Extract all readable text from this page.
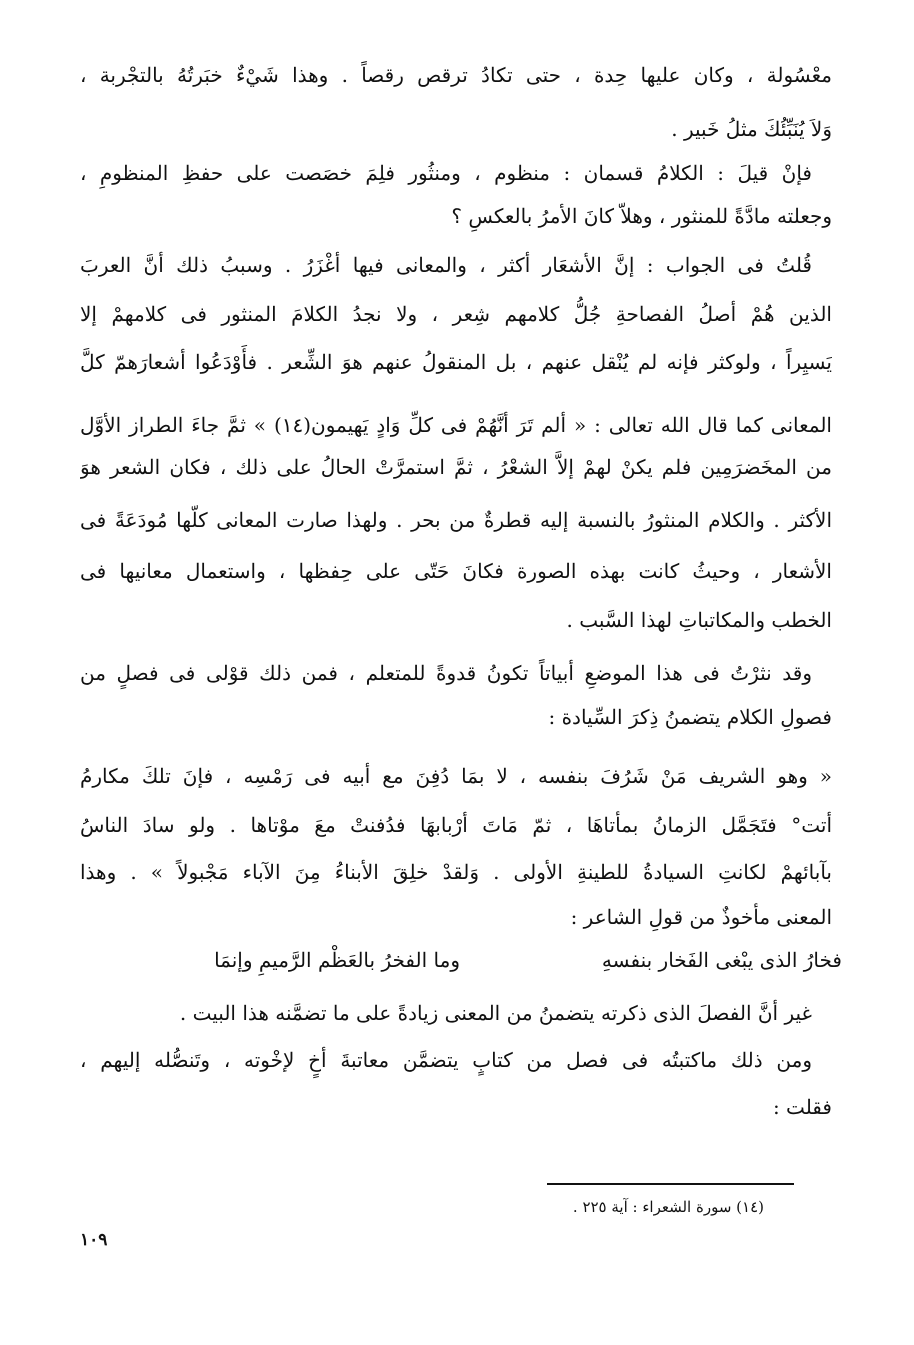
معْسُولة ، وكان عليها حِدة ، حتى تكادُ ترقص رقصاً . وهذا شَيْءٌ خبَرتُهُ بالتجْربة ،
وَلاَ يُنَبِّئُكَ مثلُ خَبير .
فإنْ قيلَ : الكلامُ قسمان : منظوم ، ومنثُور فلِمَ خصَصت على حفظِ المنظومِ ،
وجعلته مادَّةً للمنثور ، وهلاّ كانَ الأمرُ بالعكسِ ؟
قُلتُ فى الجواب : إنَّ الأشعَار أكثر ، والمعانى فيها أغْزَرُ . وسببُ ذلك أنَّ العربَ
الذين هُمْ أصلُ الفصاحةِ جُلُّ كلامهم شِعر ، ولا نجدُ الكلامَ المنثور فى كلامهمْ إلا
يَسيِراً ، ولوكثر فإنه لم يُنْقل عنهم ، بل المنقولُ عنهم هوَ الشِّعر . فأَوْدَعُوا أشعارَهمّ كلَّ
المعانى كما قال الله تعالى : « ألم تَرَ أنَّهُمْ فى كلِّ وَادٍ يَهيمون(١٤) » ثمَّ جاءَ الطراز الأوَّل
من المخَضرَمِين فلم يكنْ لهمْ إلاَّ الشعْرُ ، ثمَّ استمرَّتْ الحالُ على ذلك ، فكان الشعر هوَ
الأكثر . والكلام المنثورُ بالنسبة إليه قطرةٌ من بحر . ولهذا صارت المعانى كلّها مُودَعَةً فى
الأشعار ، وحيثُ كانت بهذه الصورة فكانَ حَتّى على حِفظها ، واستعمال معانيها فى
الخطب والمكاتباتِ لهذا السَّبب .
وقد نثرْتُ فى هذا الموضعِ أبياتاً تكونُ قدوةً للمتعلم ، فمن ذلك قوْلى فى فصلٍ من
فصولِ الكلام يتضمنُ ذِكرَ السِّيادة :
« وهو الشريف مَنْ شَرُفَ بنفسه ، لا بمَا دُفِنَ مع أبيه فى رَمْسِه ، فإنَ تلكَ مكارمُ
أتت° فتَجَمَّل الزمانُ بمأتاهَا ، ثمّ مَاتَ أرْبابهَا فدُفنتْ معَ موْتاها . ولو سادَ الناسُ
بآبائهمْ لكانتِ السيادةُ للطينةِ الأولى . وَلقدْ خلِقَ الأبناءُ مِنَ الآباء مَجْبولاً » . وهذا
المعنى مأخوذٌ من قولِ الشاعر :
فخارُ الذى يبْغى الفَخار بنفسهِ
وما الفخرُ بالعَظْم الرَّميمِ وإنمَا
غير أنَّ الفصلَ الذى ذكرته يتضمنُ من المعنى زيادةً على ما تضمَّنه هذا البيت .
ومن ذلك ماكتبتُه فى فصل من كتابٍ يتضمَّن معاتبةَ أخٍ لإخْوته ، وتَنصُّله إليهم ،
فقلت :
(١٤) سورة الشعراء : آية ٢٢٥ .
١٠٩
